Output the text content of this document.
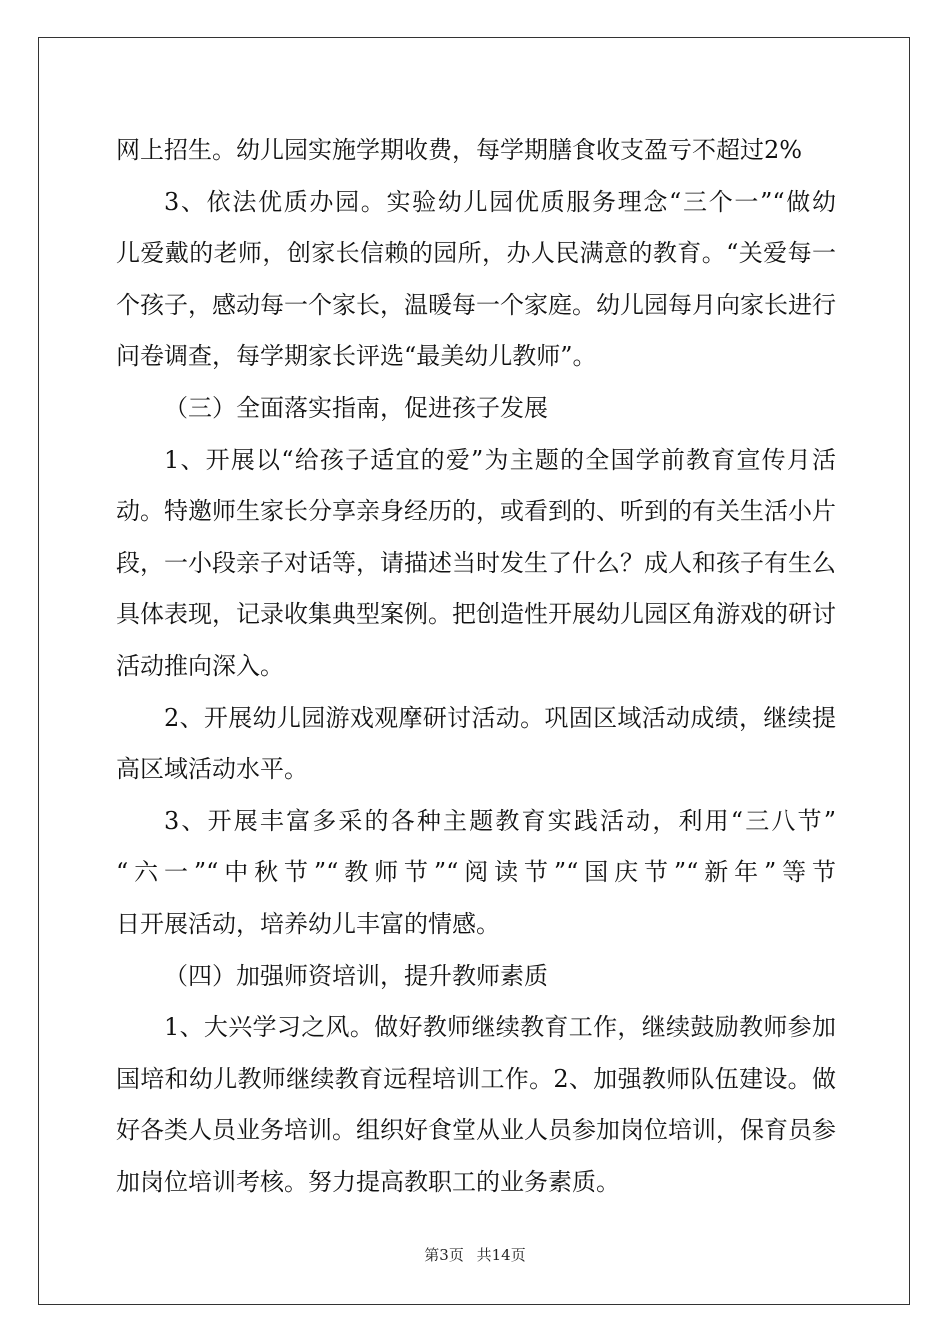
网上招生。幼儿园实施学期收费，每学期膳食收支盈亏不超过2%
3、依法优质办园。实验幼儿园优质服务理念“三个一”“做幼
儿爱戴的老师，创家长信赖的园所，办人民满意的教育。“关爱每一
个孩子，感动每一个家长，温暖每一个家庭。幼儿园每月向家长进行
问卷调查，每学期家长评选“最美幼儿教师”。
（三）全面落实指南，促进孩子发展
1、开展以“给孩子适宜的爱”为主题的全国学前教育宣传月活
动。特邀师生家长分享亲身经历的，或看到的、听到的有关生活小片
段，一小段亲子对话等，请描述当时发生了什么？成人和孩子有生么
具体表现，记录收集典型案例。把创造性开展幼儿园区角游戏的研讨
活动推向深入。
2、开展幼儿园游戏观摩研讨活动。巩固区域活动成绩，继续提
高区域活动水平。
3、开展丰富多采的各种主题教育实践活动，利用“三八节”
“六一”“中秋节”“教师节”“阅读节”“国庆节”“新年”等节
日开展活动，培养幼儿丰富的情感。
（四）加强师资培训，提升教师素质
1、大兴学习之风。做好教师继续教育工作，继续鼓励教师参加
国培和幼儿教师继续教育远程培训工作。2、加强教师队伍建设。做
好各类人员业务培训。组织好食堂从业人员参加岗位培训，保育员参
加岗位培训考核。努力提高教职工的业务素质。
第3页 共14页
